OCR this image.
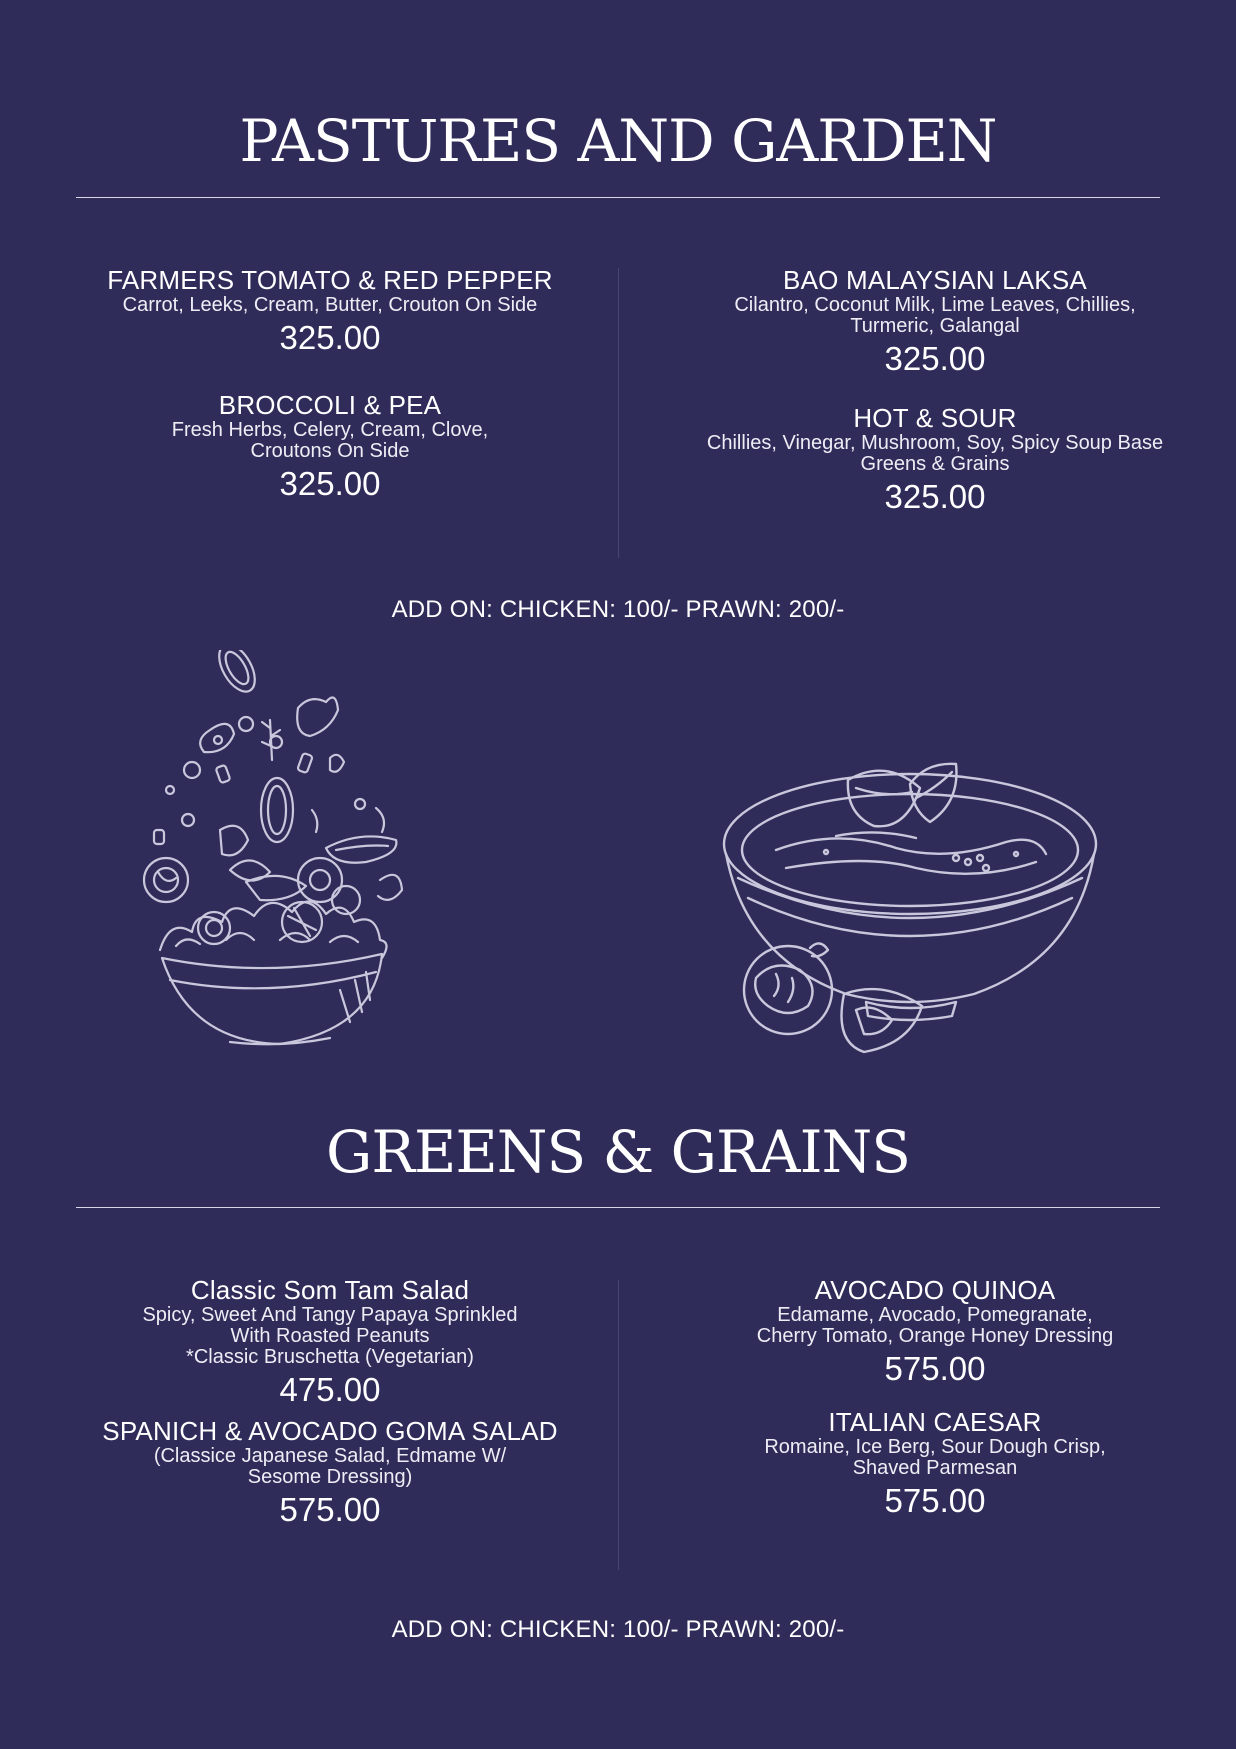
PASTURES AND GARDEN
FARMERS TOMATO & RED PEPPER
Carrot, Leeks, Cream, Butter, Crouton On Side
325.00
BROCCOLI & PEA
Fresh Herbs, Celery, Cream, Clove,
Croutons On Side
325.00
BAO MALAYSIAN LAKSA
Cilantro, Coconut Milk, Lime Leaves, Chillies,
Turmeric, Galangal
325.00
HOT & SOUR
Chillies, Vinegar, Mushroom, Soy, Spicy Soup Base
Greens & Grains
325.00
ADD ON: CHICKEN: 100/- PRAWN: 200/-
GREENS & GRAINS
Classic Som Tam Salad
Spicy, Sweet And Tangy Papaya Sprinkled
With Roasted Peanuts
*Classic Bruschetta (Vegetarian)
475.00
SPANICH & AVOCADO GOMA SALAD
(Classice Japanese Salad, Edmame W/
Sesome Dressing)
575.00
AVOCADO QUINOA
Edamame, Avocado, Pomegranate,
Cherry Tomato, Orange Honey Dressing
575.00
ITALIAN CAESAR
Romaine, Ice Berg, Sour Dough Crisp,
Shaved Parmesan
575.00
ADD ON: CHICKEN: 100/- PRAWN: 200/-
